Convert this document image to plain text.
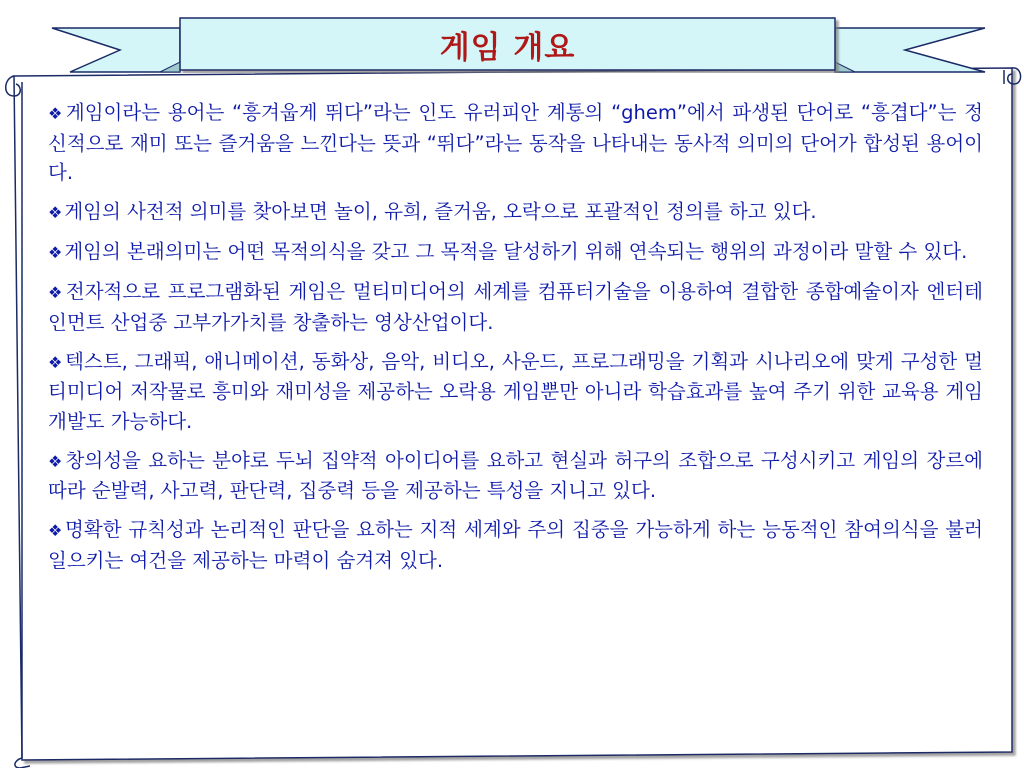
게임 개요

❖ 게임이라는 용어는 “흥겨웁게 뛰다”라는 인도 유러피안 계통의 “ghem”에서 파생된 단어로 “흥겹다”는 정신적으로 재미 또는 즐거움을 느낀다는 뜻과 “뛰다”라는 동작을 나타내는 동사적 의미의 단어가 합성된 용어이다.

❖ 게임의 사전적 의미를 찾아보면 놀이, 유희, 즐거움, 오락으로 포괄적인 정의를 하고 있다.

❖ 게임의 본래의미는 어떤 목적의식을 갖고 그 목적을 달성하기 위해 연속되는 행위의 과정이라 말할 수 있다.

❖ 전자적으로 프로그램화된 게임은 멀티미디어의 세계를 컴퓨터기술을 이용하여 결합한 종합예술이자 엔터테인먼트 산업중 고부가가치를 창출하는 영상산업이다.

❖ 텍스트, 그래픽, 애니메이션, 동화상, 음악, 비디오, 사운드, 프로그래밍을 기획과 시나리오에 맞게 구성한 멀티미디어 저작물로 흥미와 재미성을 제공하는 오락용 게임뿐만 아니라 학습효과를 높여 주기 위한 교육용 게임개발도 가능하다.

❖ 창의성을 요하는 분야로 두뇌 집약적 아이디어를 요하고 현실과 허구의 조합으로 구성시키고 게임의 장르에 따라 순발력, 사고력, 판단력, 집중력 등을 제공하는 특성을 지니고 있다.

❖ 명확한 규칙성과 논리적인 판단을 요하는 지적 세계와 주의 집중을 가능하게 하는 능동적인 참여의식을 불러 일으키는 여건을 제공하는 마력이 숨겨져 있다.
